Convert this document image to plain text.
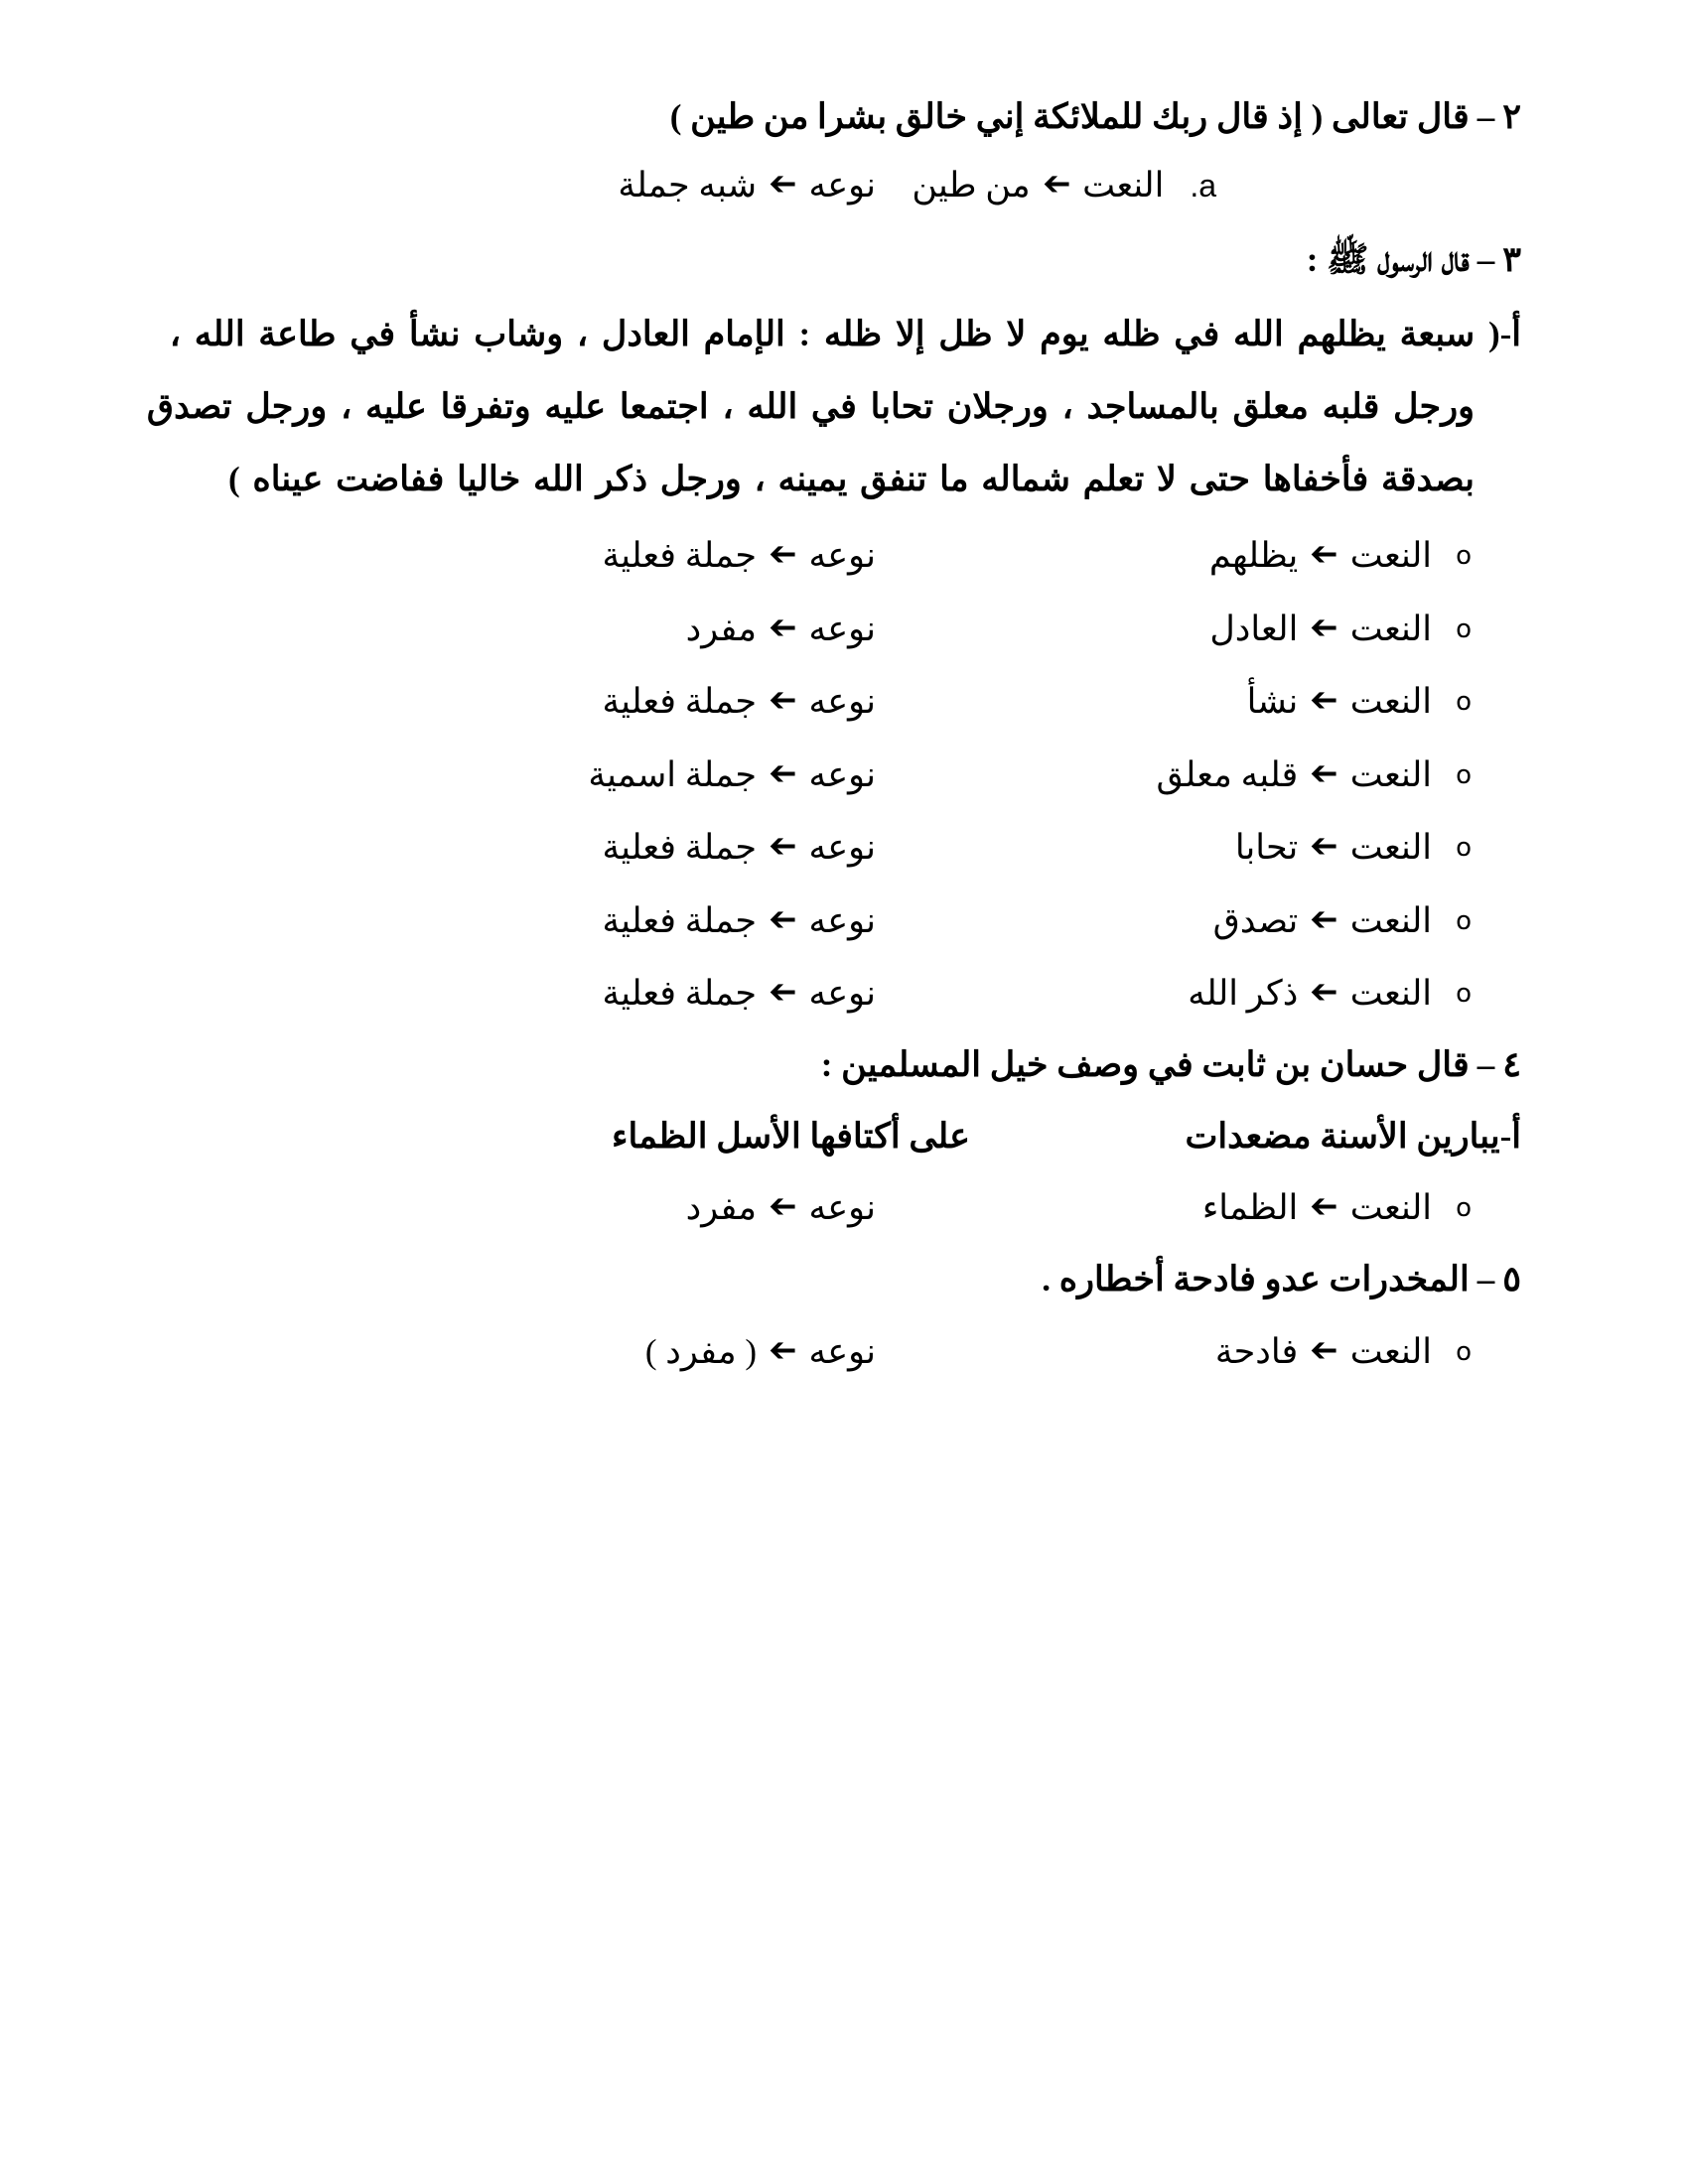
٢–قال تعالى ( إذ قال ربك للملائكة إني خالق بشرا من طين )
a.النعت➔من طين
نوعه➔شبه جملة
٣–قال الرسول ﷺ :
أ-( سبعة يظلهم الله في ظله يوم لا ظل إلا ظله : الإمام العادل ، وشاب نشأ في طاعة الله ،
ورجل قلبه معلق بالمساجد ، ورجلان تحابا في الله ، اجتمعا عليه وتفرقا عليه ، ورجل تصدق
بصدقة فأخفاها حتى لا تعلم شماله ما تنفق يمينه ، ورجل ذكر الله خاليا ففاضت عيناه )
o
النعت➔يظلهم
نوعه➔جملة فعلية
o
النعت➔العادل
نوعه➔مفرد
o
النعت➔نشأ
نوعه➔جملة فعلية
o
النعت➔قلبه معلق
نوعه➔جملة اسمية
o
النعت➔تحابا
نوعه➔جملة فعلية
o
النعت➔تصدق
نوعه➔جملة فعلية
o
النعت➔ذكر الله
نوعه➔جملة فعلية
٤–قال حسان بن ثابت في وصف خيل المسلمين :
أ-يبارين الأسنة مضعدات
على أكتافها الأسل الظماء
o
النعت➔الظماء
نوعه➔مفرد
٥–المخدرات عدو فادحة أخطاره .
o
النعت➔فادحة
نوعه➔( مفرد )
